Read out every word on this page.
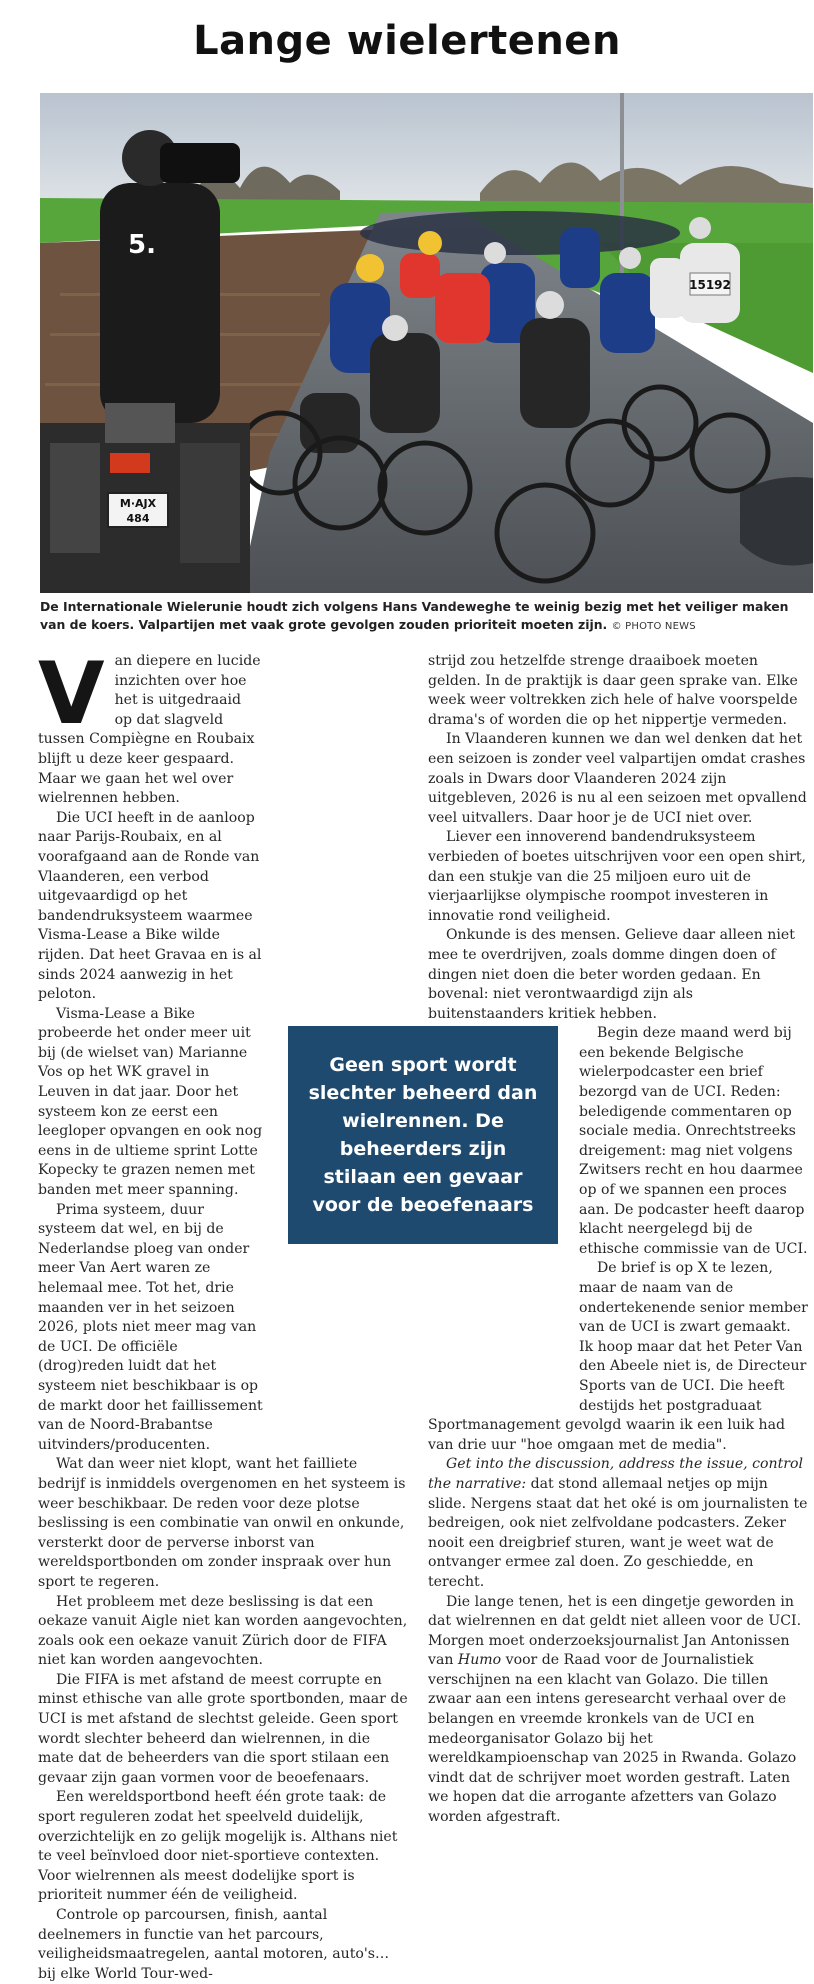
Lange wielertenen
15192
5.
M·AJX
484

De Internationale Wielerunie houdt zich volgens Hans Vandeweghe te weinig bezig met het veiliger maken van de koers. Valpartijen met vaak grote gevolgen zouden prioriteit moeten zijn. © PHOTO NEWS

Van diepere en lucide inzichten over hoe het is uitgedraaid op dat slagveld tussen Compiègne en Roubaix blijft u deze keer gespaard. Maar we gaan het wel over wielrennen hebben.

Die UCI heeft in de aanloop naar Parijs-Roubaix, en al voorafgaand aan de Ronde van Vlaanderen, een verbod uitgevaardigd op het bandendruksysteem waarmee Visma-Lease a Bike wilde rijden. Dat heet Gravaa en is al sinds 2024 aanwezig in het peloton.

Visma-Lease a Bike probeerde het onder meer uit bij (de wielset van) Marianne Vos op het WK gravel in Leuven in dat jaar. Door het systeem kon ze eerst een leegloper opvangen en ook nog eens in de ultieme sprint Lotte Kopecky te grazen nemen met banden met meer spanning.

Prima systeem, duur systeem dat wel, en bij de Nederlandse ploeg van onder meer Van Aert waren ze helemaal mee. Tot het, drie maanden ver in het seizoen 2026, plots niet meer mag van de UCI. De officiële (drog)reden luidt dat het systeem niet beschikbaar is op de markt door het faillissement van de Noord-Brabantse uitvinders/producenten.

Wat dan weer niet klopt, want het failliete bedrijf is inmiddels overgenomen en het systeem is weer beschikbaar. De reden voor deze plotse beslissing is een combinatie van onwil en onkunde, versterkt door de perverse inborst van wereldsportbonden om zonder inspraak over hun sport te regeren.

Het probleem met deze beslissing is dat een oekaze vanuit Aigle niet kan worden aangevochten, zoals ook een oekaze vanuit Zürich door de FIFA niet kan worden aangevochten.

Die FIFA is met afstand de meest corrupte en minst ethische van alle grote sportbonden, maar de UCI is met afstand de slechtst geleide. Geen sport wordt slechter beheerd dan wielrennen, in die mate dat de beheerders van die sport stilaan een gevaar zijn gaan vormen voor de beoefenaars.

Een wereldsportbond heeft één grote taak: de sport reguleren zodat het speelveld duidelijk, overzichtelijk en zo gelijk mogelijk is. Althans niet te veel beïnvloed door niet-sportieve contexten. Voor wielrennen als meest dodelijke sport is prioriteit nummer één de veiligheid.

Controle op parcoursen, finish, aantal deelnemers in functie van het parcours, veiligheidsmaatregelen, aantal motoren, auto's… bij elke World Tour-wed-

strijd zou hetzelfde strenge draaiboek moeten gelden. In de praktijk is daar geen sprake van. Elke week weer voltrekken zich hele of halve voorspelde drama's of worden die op het nippertje vermeden.

In Vlaanderen kunnen we dan wel denken dat het een seizoen is zonder veel valpartijen omdat crashes zoals in Dwars door Vlaanderen 2024 zijn uitgebleven, 2026 is nu al een seizoen met opvallend veel uitvallers. Daar hoor je de UCI niet over.

Liever een innoverend bandendruksysteem verbieden of boetes uitschrijven voor een open shirt, dan een stukje van die 25 miljoen euro uit de vierjaarlijkse olympische roompot investeren in innovatie rond veiligheid.

Onkunde is des mensen. Gelieve daar alleen niet mee te overdrijven, zoals domme dingen doen of dingen niet doen die beter worden gedaan. En bovenal: niet verontwaardigd zijn als buitenstaanders kritiek hebben.

Begin deze maand werd bij een bekende Belgische wielerpodcaster een brief bezorgd van de UCI. Reden: beledigende commentaren op sociale media. Onrechtstreeks dreigement: mag niet volgens Zwitsers recht en hou daarmee op of we spannen een proces aan. De podcaster heeft daarop klacht neergelegd bij de ethische commissie van de UCI.

De brief is op X te lezen, maar de naam van de ondertekenende senior member van de UCI is zwart gemaakt. Ik hoop maar dat het Peter Van den Abeele niet is, de Directeur Sports van de UCI. Die heeft destijds het postgraduaat Sportmanagement gevolgd waarin ik een luik had van drie uur "hoe omgaan met de media".

Get into the discussion, address the issue, control the narrative: dat stond allemaal netjes op mijn slide. Nergens staat dat het oké is om journalisten te bedreigen, ook niet zelfvoldane podcasters. Zeker nooit een dreigbrief sturen, want je weet wat de ontvanger ermee zal doen. Zo geschiedde, en terecht.

Die lange tenen, het is een dingetje geworden in dat wielrennen en dat geldt niet alleen voor de UCI. Morgen moet onderzoeksjournalist Jan Antonissen van Humo voor de Raad voor de Journalistiek verschijnen na een klacht van Golazo. Die tillen zwaar aan een intens geresearcht verhaal over de belangen en vreemde kronkels van de UCI en medeorganisator Golazo bij het wereldkampioenschap van 2025 in Rwanda. Golazo vindt dat de schrijver moet worden gestraft. Laten we hopen dat die arrogante afzetters van Golazo worden afgestraft.

Geen sport wordt slechter beheerd dan wielrennen. De beheerders zijn stilaan een gevaar voor de beoefenaars
